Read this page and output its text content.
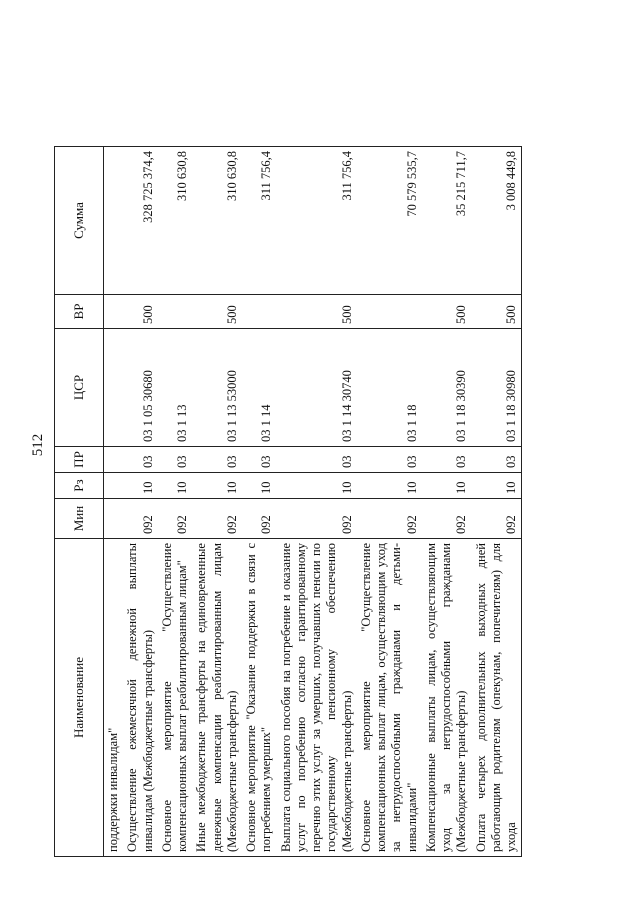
512
Наименование	Мин	Рз	ПР	ЦСР	ВР	Сумма
поддержки инвалидам"						
Осуществление ежемесячной денежной выплаты инвалидам (Межбюджетные трансферты)	092	10	03	03 1 05 30680	500	328 725 374,4
Основное мероприятие "Осуществление компенсационных выплат реабилитированным лицам"	092	10	03	03 1 13		310 630,8
Иные межбюджетные трансферты на единовременные денежные компенсации реабилитированным лицам (Межбюджетные трансферты)	092	10	03	03 1 13 53000	500	310 630,8
Основное мероприятие "Оказание поддержки в связи с погребением умерших"	092	10	03	03 1 14		311 756,4
Выплата социального пособия на погребение и оказание услуг по погребению согласно гарантированному перечню этих услуг за умерших, получавших пенсии по государственному пенсионному обеспечению (Межбюджетные трансферты)	092	10	03	03 1 14 30740	500	311 756,4
Основное мероприятие "Осуществление компенсационных выплат лицам, осуществляющим уход за нетрудоспособными гражданами и детьми-инвалидами"	092	10	03	03 1 18		70 579 535,7
Компенсационные выплаты лицам, осуществляющим уход за нетрудоспособными гражданами (Межбюджетные трансферты)	092	10	03	03 1 18 30390	500	35 215 711,7
Оплата четырех дополнительных выходных дней работающим родителям (опекунам, попечителям) для ухода	092	10	03	03 1 18 30980	500	3 008 449,8
